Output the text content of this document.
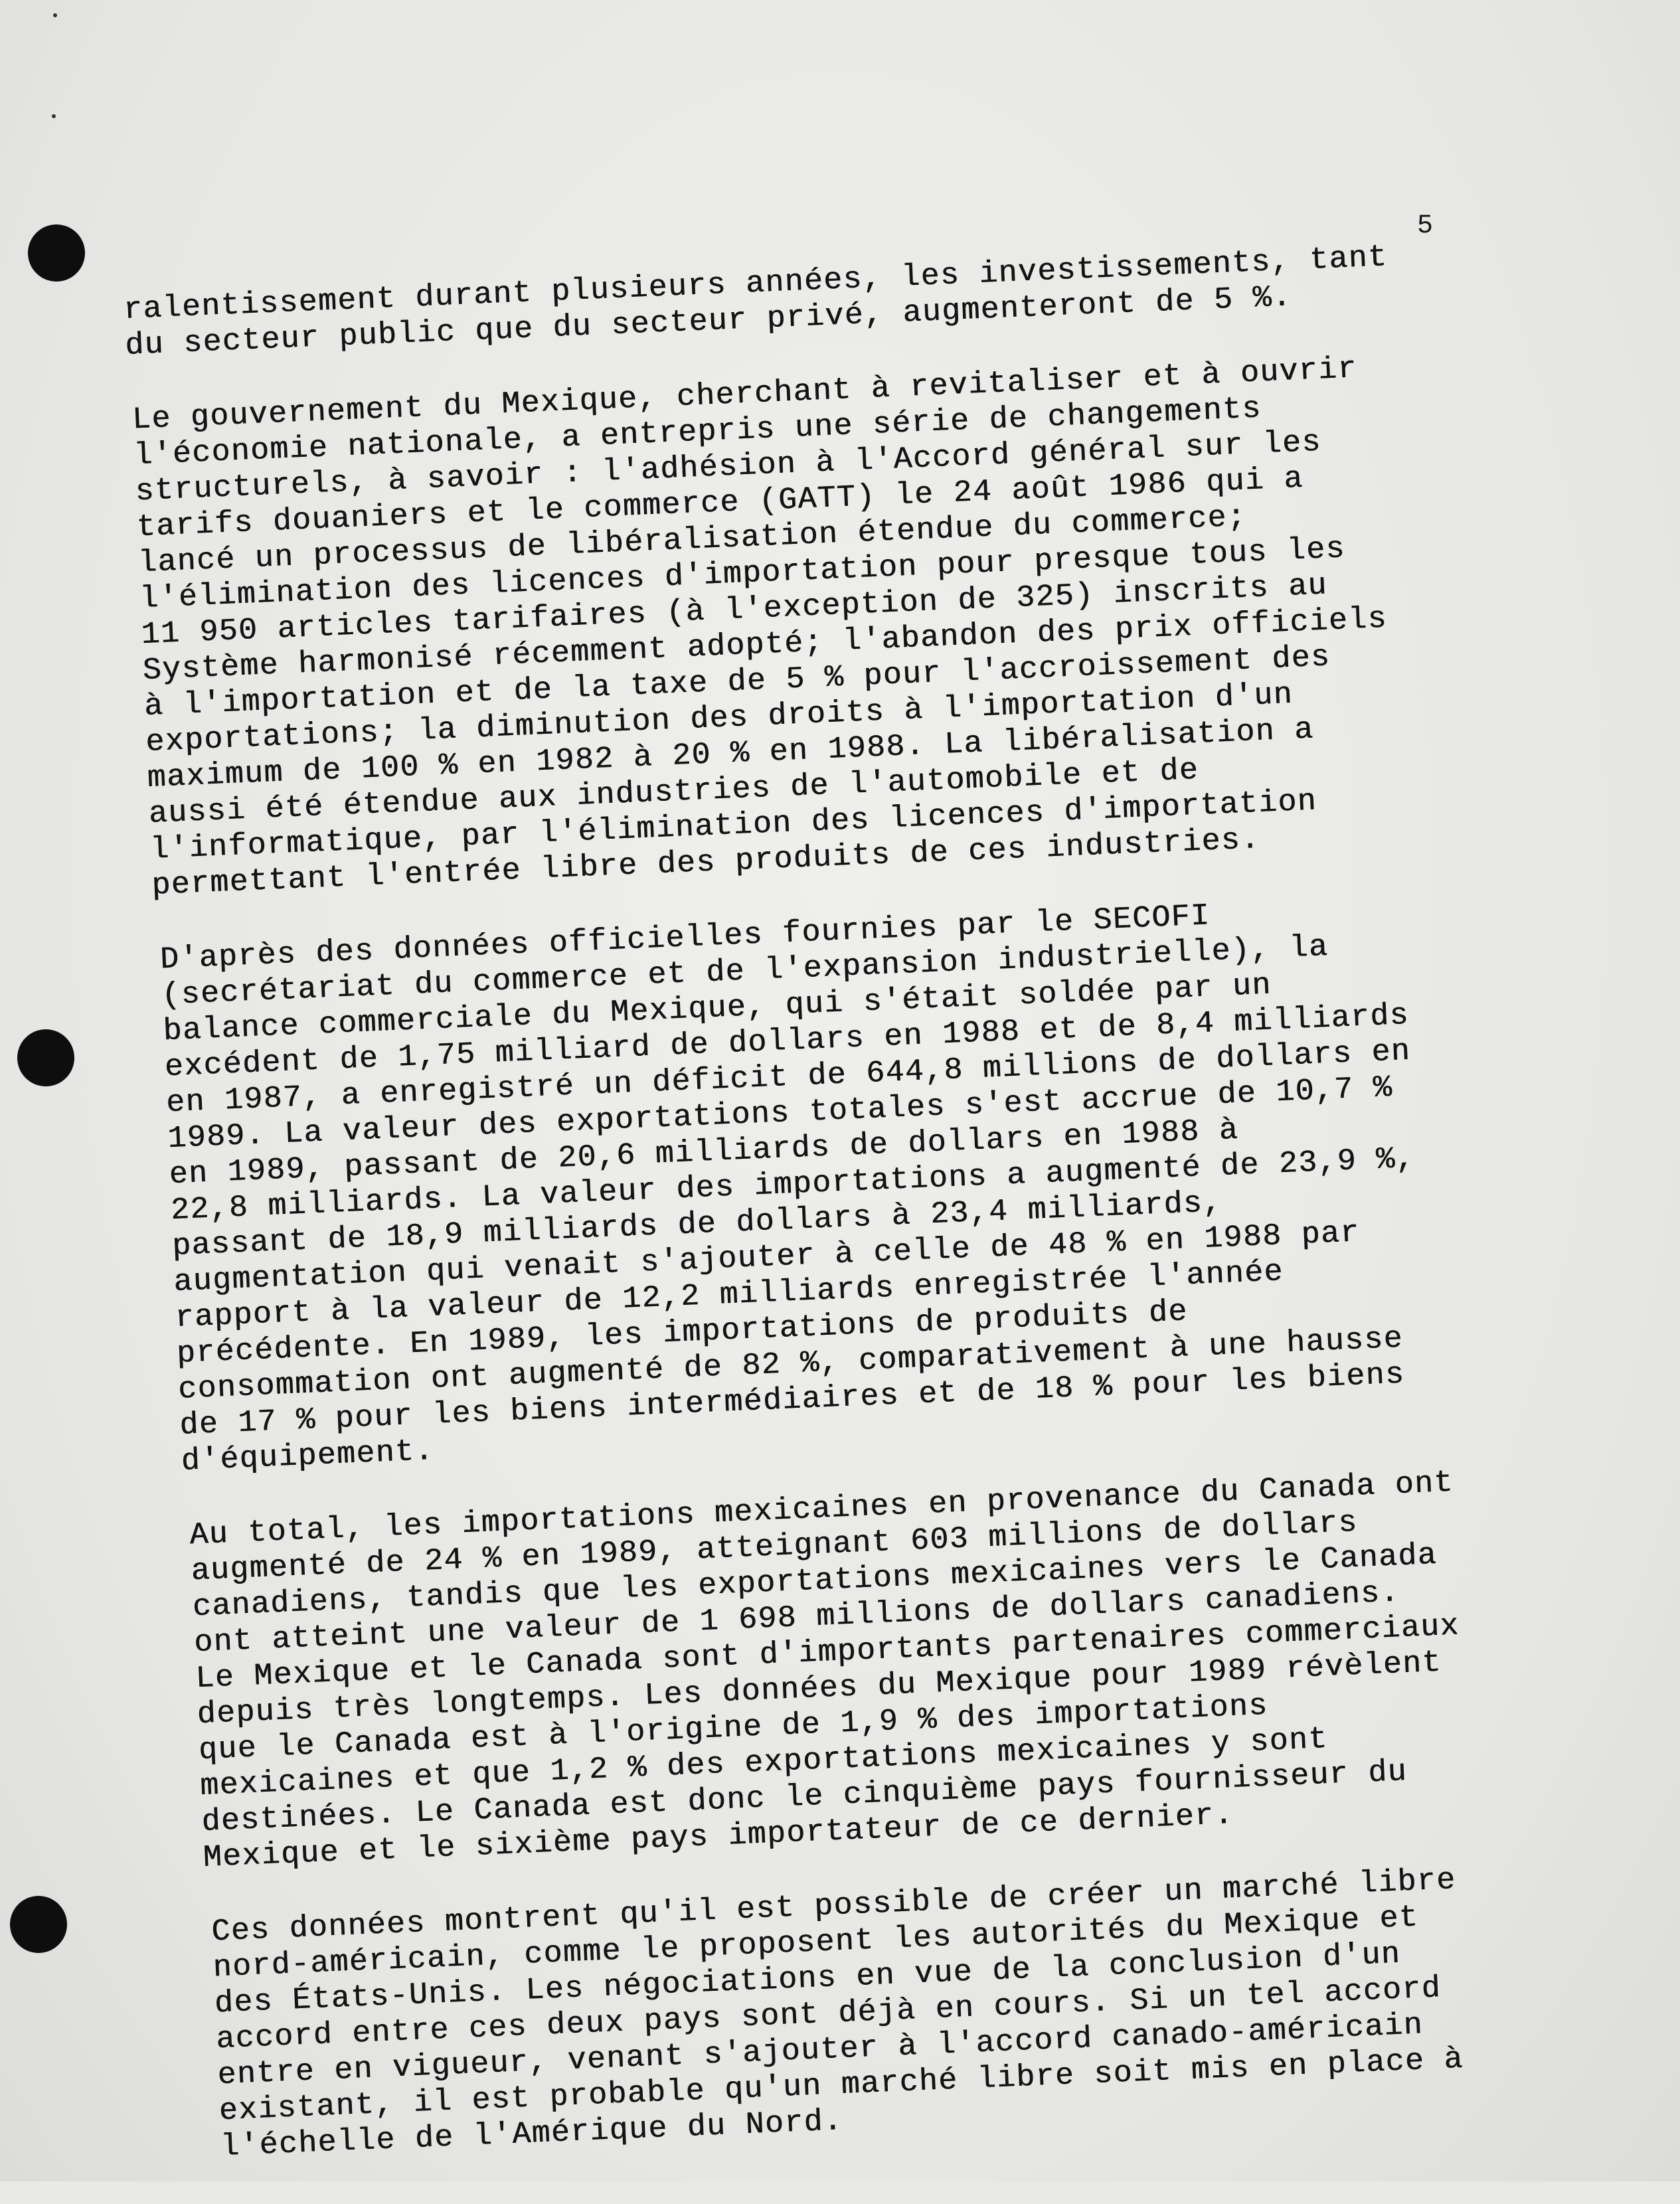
5

ralentissement durant plusieurs années, les investissements, tant
du secteur public que du secteur privé, augmenteront de 5 %.

Le gouvernement du Mexique, cherchant à revitaliser et à ouvrir
l'économie nationale, a entrepris une série de changements
structurels, à savoir : l'adhésion à l'Accord général sur les
tarifs douaniers et le commerce (GATT) le 24 août 1986 qui a
lancé un processus de libéralisation étendue du commerce;
l'élimination des licences d'importation pour presque tous les
11 950 articles tarifaires (à l'exception de 325) inscrits au
Système harmonisé récemment adopté; l'abandon des prix officiels
à l'importation et de la taxe de 5 % pour l'accroissement des
exportations; la diminution des droits à l'importation d'un
maximum de 100 % en 1982 à 20 % en 1988. La libéralisation a
aussi été étendue aux industries de l'automobile et de
l'informatique, par l'élimination des licences d'importation
permettant l'entrée libre des produits de ces industries.

D'après des données officielles fournies par le SECOFI
(secrétariat du commerce et de l'expansion industrielle), la
balance commerciale du Mexique, qui s'était soldée par un
excédent de 1,75 milliard de dollars en 1988 et de 8,4 milliards
en 1987, a enregistré un déficit de 644,8 millions de dollars en
1989. La valeur des exportations totales s'est accrue de 10,7 %
en 1989, passant de 20,6 milliards de dollars en 1988 à
22,8 milliards. La valeur des importations a augmenté de 23,9 %,
passant de 18,9 milliards de dollars à 23,4 milliards,
augmentation qui venait s'ajouter à celle de 48 % en 1988 par
rapport à la valeur de 12,2 milliards enregistrée l'année
précédente. En 1989, les importations de produits de
consommation ont augmenté de 82 %, comparativement à une hausse
de 17 % pour les biens intermédiaires et de 18 % pour les biens
d'équipement.

Au total, les importations mexicaines en provenance du Canada ont
augmenté de 24 % en 1989, atteignant 603 millions de dollars
canadiens, tandis que les exportations mexicaines vers le Canada
ont atteint une valeur de 1 698 millions de dollars canadiens.
Le Mexique et le Canada sont d'importants partenaires commerciaux
depuis très longtemps. Les données du Mexique pour 1989 révèlent
que le Canada est à l'origine de 1,9 % des importations
mexicaines et que 1,2 % des exportations mexicaines y sont
destinées. Le Canada est donc le cinquième pays fournisseur du
Mexique et le sixième pays importateur de ce dernier.

Ces données montrent qu'il est possible de créer un marché libre
nord-américain, comme le proposent les autorités du Mexique et
des États-Unis. Les négociations en vue de la conclusion d'un
accord entre ces deux pays sont déjà en cours. Si un tel accord
entre en vigueur, venant s'ajouter à l'accord canado-américain
existant, il est probable qu'un marché libre soit mis en place à
l'échelle de l'Amérique du Nord.
